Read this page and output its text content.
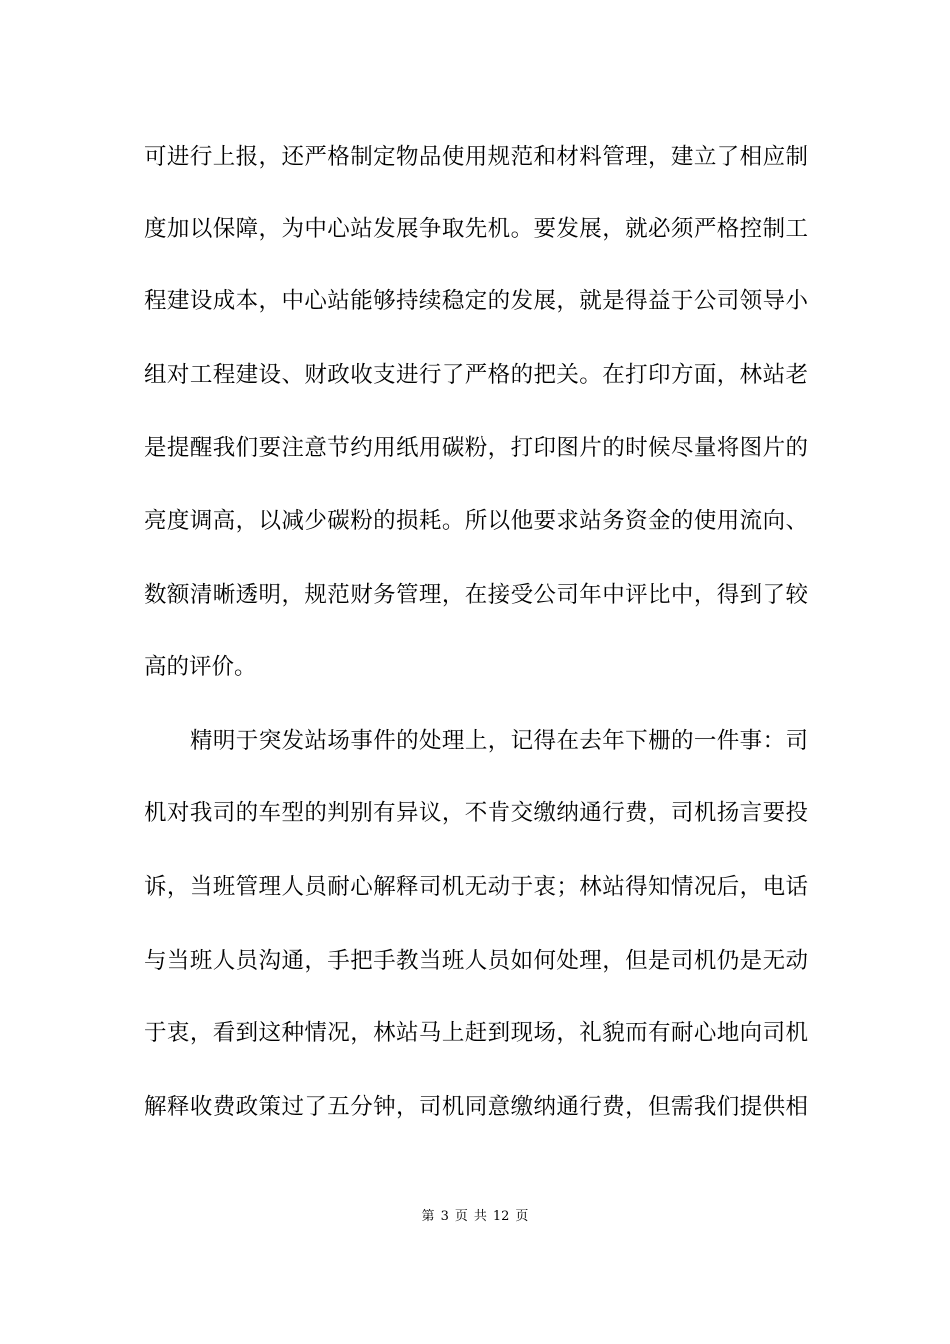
可进行上报，还严格制定物品使用规范和材料管理，建立了相应制
度加以保障，为中心站发展争取先机。要发展，就必须严格控制工
程建设成本，中心站能够持续稳定的发展，就是得益于公司领导小
组对工程建设、财政收支进行了严格的把关。在打印方面，林站老
是提醒我们要注意节约用纸用碳粉，打印图片的时候尽量将图片的
亮度调高，以减少碳粉的损耗。所以他要求站务资金的使用流向、
数额清晰透明，规范财务管理，在接受公司年中评比中，得到了较
高的评价。
精明于突发站场事件的处理上，记得在去年下栅的一件事：司
机对我司的车型的判别有异议，不肯交缴纳通行费，司机扬言要投
诉，当班管理人员耐心解释司机无动于衷；林站得知情况后，电话
与当班人员沟通，手把手教当班人员如何处理，但是司机仍是无动
于衷，看到这种情况，林站马上赶到现场，礼貌而有耐心地向司机
解释收费政策过了五分钟，司机同意缴纳通行费，但需我们提供相
第 3 页 共 12 页
